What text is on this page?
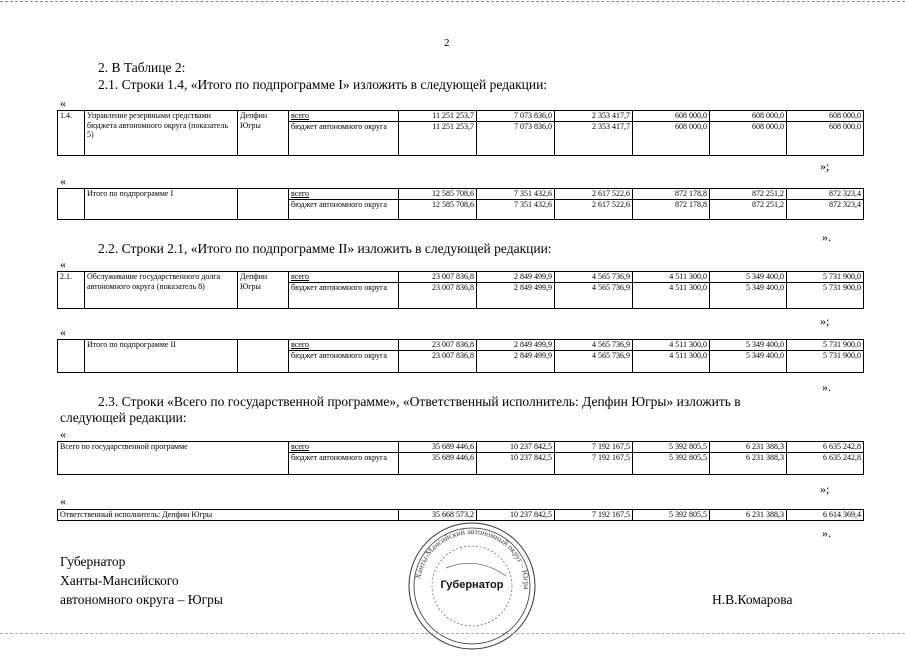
2
2. В Таблице 2:
2.1. Строки 1.4, «Итого по подпрограмме I» изложить в следующей редакции:
«
1.4.	Управление резервными средствами бюджета автономного округа (показатель 5)	Депфин Югры	всего	11 251 253,7	7 073 836,0	2 353 417,7	608 000,0	608 000,0	608 000,0
			бюджет автономного округа	11 251 253,7	7 073 836,0	2 353 417,7	608 000,0	608 000,0	608 000,0
»;
«
	Итого по подпрограмме I		всего	12 585 708,6	7 351 432,6	2 617 522,6	872 178,8	872 251,2	872 323,4
			бюджет автономного округа	12 585 708,6	7 351 432,6	2 617 522,6	872 178,8	872 251,2	872 323,4
».
2.2. Строки 2.1, «Итого по подпрограмме II» изложить в следующей редакции:
«
2.1.	Обслуживание государственного долга автономного округа (показатель 8)	Депфин Югры	всего	23 007 836,8	2 849 499,9	4 565 736,9	4 511 300,0	5 349 400,0	5 731 900,0
			бюджет автономного округа	23 007 836,8	2 849 499,9	4 565 736,9	4 511 300,0	5 349 400,0	5 731 900,0
»;
«
	Итого по подпрограмме II		всего	23 007 836,8	2 849 499,9	4 565 736,9	4 511 300,0	5 349 400,0	5 731 900,0
			бюджет автономного округа	23 007 836,8	2 849 499,9	4 565 736,9	4 511 300,0	5 349 400,0	5 731 900,0
».
2.3. Строки «Всего по государственной программе», «Ответственный исполнитель: Депфин Югры» изложить в
следующей редакции:
«
Всего по государственной программе	всего	35 689 446,6	10 237 842,5	7 192 167,5	5 392 805,5	6 231 388,3	6 635 242,8
	бюджет автономного округа	35 689 446,6	10 237 842,5	7 192 167,5	5 392 805,5	6 231 388,3	6 635 242,8
»;
«
Ответственный исполнитель: Депфин Югры	35 668 573,2	10 237 842,5	7 192 167,5	5 392 805,5	6 231 388,3	6 614 369,4
».
Губернатор
Ханты-Мансийского
автономного округа – Югры	Н.В.Комарова
Ханты-Мансийский автономный округ – Югра
Губернатор
